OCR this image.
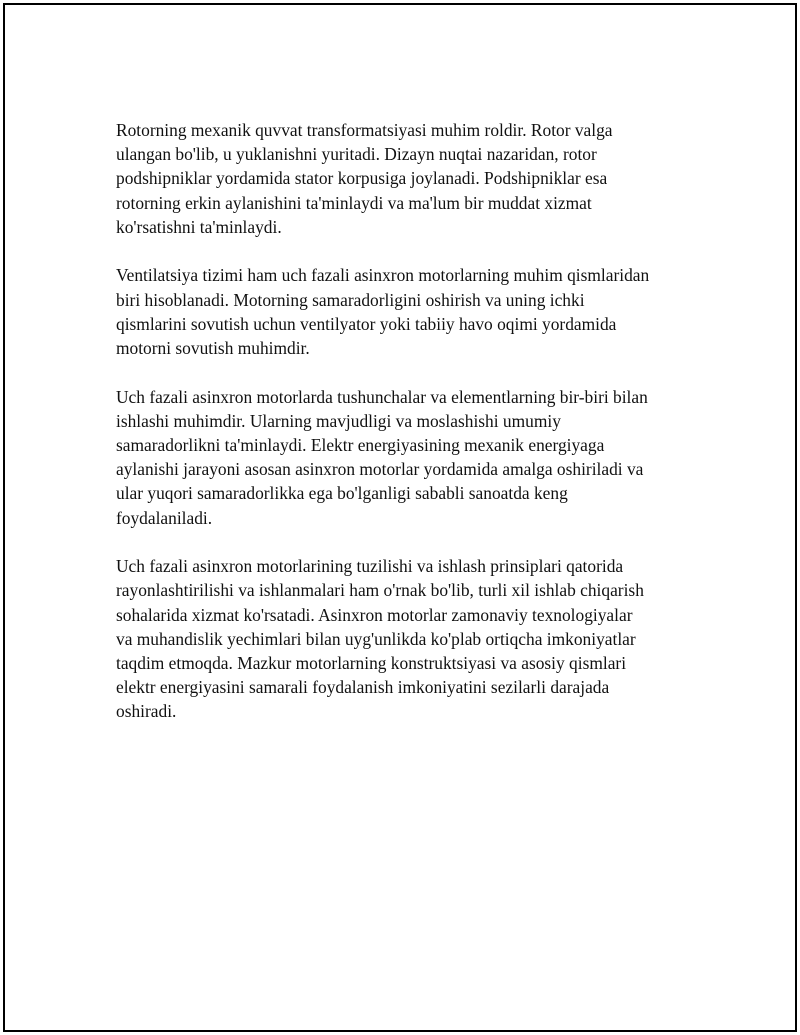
Rotorning mexanik quvvat transformatsiyasi muhim roldir. Rotor valga
ulangan bo'lib, u yuklanishni yuritadi. Dizayn nuqtai nazaridan, rotor
podshipniklar yordamida stator korpusiga joylanadi. Podshipniklar esa
rotorning erkin aylanishini ta'minlaydi va ma'lum bir muddat xizmat
ko'rsatishni ta'minlaydi.

Ventilatsiya tizimi ham uch fazali asinxron motorlarning muhim qismlaridan
biri hisoblanadi. Motorning samaradorligini oshirish va uning ichki
qismlarini sovutish uchun ventilyator yoki tabiiy havo oqimi yordamida
motorni sovutish muhimdir.

Uch fazali asinxron motorlarda tushunchalar va elementlarning bir-biri bilan
ishlashi muhimdir. Ularning mavjudligi va moslashishi umumiy
samaradorlikni ta'minlaydi. Elektr energiyasining mexanik energiyaga
aylanishi jarayoni asosan asinxron motorlar yordamida amalga oshiriladi va
ular yuqori samaradorlikka ega bo'lganligi sababli sanoatda keng
foydalaniladi.

Uch fazali asinxron motorlarining tuzilishi va ishlash prinsiplari qatorida
rayonlashtirilishi va ishlanmalari ham o'rnak bo'lib, turli xil ishlab chiqarish
sohalarida xizmat ko'rsatadi. Asinxron motorlar zamonaviy texnologiyalar
va muhandislik yechimlari bilan uyg'unlikda ko'plab ortiqcha imkoniyatlar
taqdim etmoqda. Mazkur motorlarning konstruktsiyasi va asosiy qismlari
elektr energiyasini samarali foydalanish imkoniyatini sezilarli darajada
oshiradi.
